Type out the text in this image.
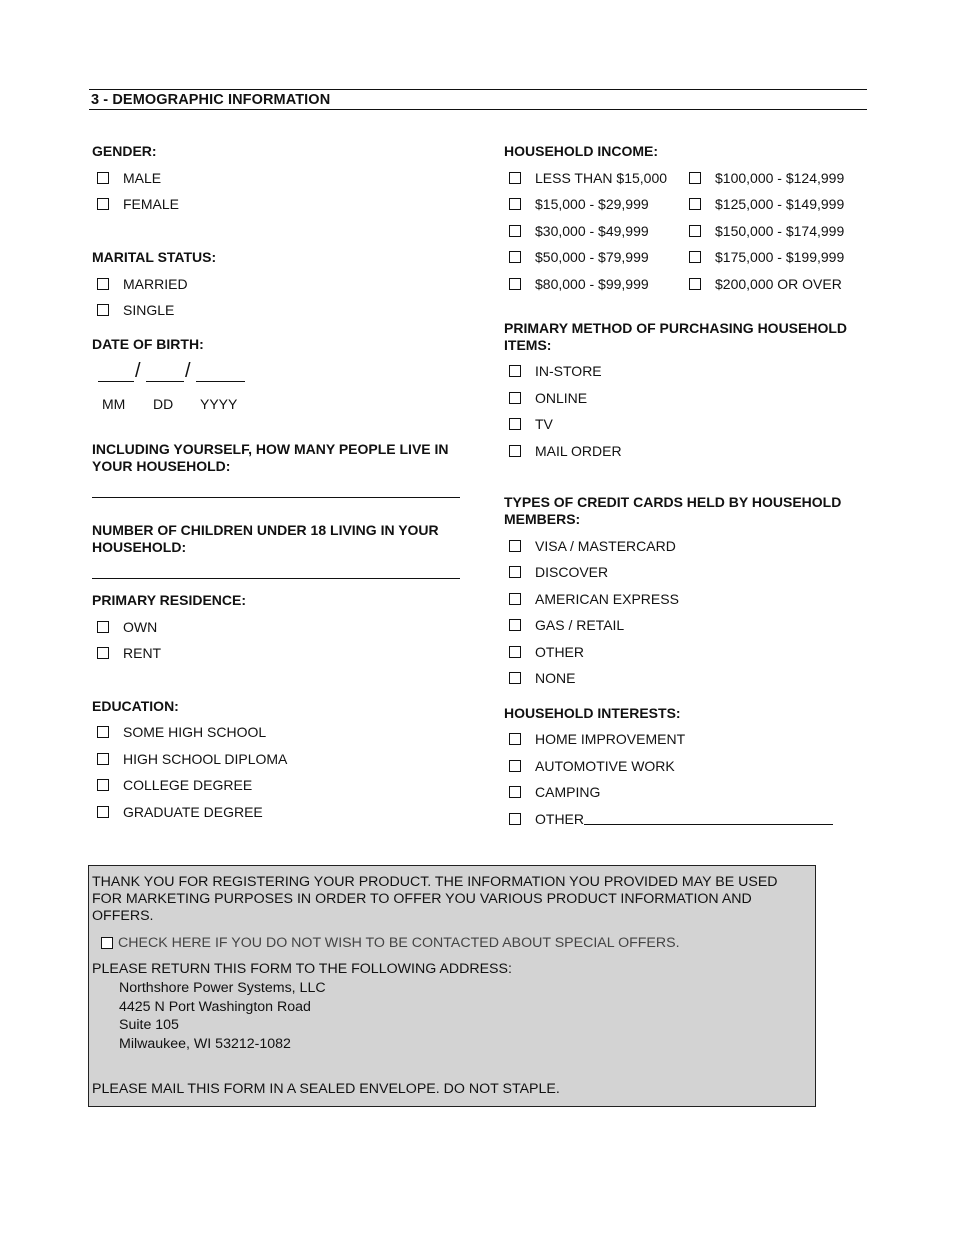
3 - DEMOGRAPHIC INFORMATION
GENDER:
MALE
FEMALE
MARITAL STATUS:
MARRIED
SINGLE
DATE OF BIRTH:
/ /
MM DD YYYY
INCLUDING YOURSELF, HOW MANY PEOPLE LIVE IN YOUR HOUSEHOLD:
NUMBER OF CHILDREN UNDER 18 LIVING IN YOUR HOUSEHOLD:
PRIMARY RESIDENCE:
OWN
RENT
EDUCATION:
SOME HIGH SCHOOL
HIGH SCHOOL DIPLOMA
COLLEGE DEGREE
GRADUATE DEGREE
HOUSEHOLD INCOME:
LESS THAN $15,000
$15,000 - $29,999
$30,000 - $49,999
$50,000 - $79,999
$80,000 - $99,999
$100,000 - $124,999
$125,000 - $149,999
$150,000 - $174,999
$175,000 - $199,999
$200,000 OR OVER
PRIMARY METHOD OF PURCHASING HOUSEHOLD ITEMS:
IN-STORE
ONLINE
TV
MAIL ORDER
TYPES OF CREDIT CARDS HELD BY HOUSEHOLD MEMBERS:
VISA / MASTERCARD
DISCOVER
AMERICAN EXPRESS
GAS / RETAIL
OTHER
NONE
HOUSEHOLD INTERESTS:
HOME IMPROVEMENT
AUTOMOTIVE WORK
CAMPING
OTHER
THANK YOU FOR REGISTERING YOUR PRODUCT. THE INFORMATION YOU PROVIDED MAY BE USED FOR MARKETING PURPOSES IN ORDER TO OFFER YOU VARIOUS PRODUCT INFORMATION AND OFFERS.
CHECK HERE IF YOU DO NOT WISH TO BE CONTACTED ABOUT SPECIAL OFFERS.
PLEASE RETURN THIS FORM TO THE FOLLOWING ADDRESS:
Northshore Power Systems, LLC
4425 N Port Washington Road
Suite 105
Milwaukee, WI 53212-1082
PLEASE MAIL THIS FORM IN A SEALED ENVELOPE. DO NOT STAPLE.
